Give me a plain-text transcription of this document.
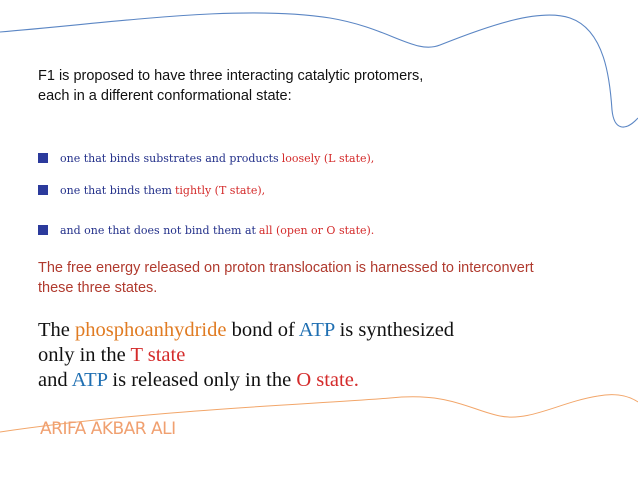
F1 is proposed to have three interacting catalytic protomers,
each in a different conformational state:
one that binds substrates and products loosely (L state),
one that binds them tightly (T state),
and one that does not bind them at all (open or O state).
The free energy released on proton translocation is harnessed to interconvert
these three states.
The phosphoanhydride bond of ATP is synthesized
only in the T state
and ATP is released only in the O state.
ARIFA AKBAR ALI
